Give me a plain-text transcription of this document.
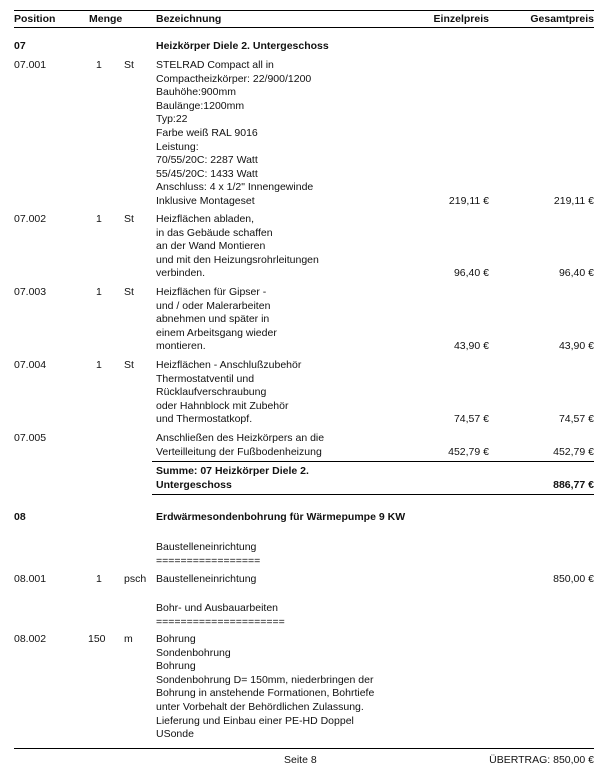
Position	Menge	Bezeichnung	Einzelpreis	Gesamtpreis
07	Heizkörper Diele 2. Untergeschoss
07.001	1 St STELRAD Compact all in
Compactheizkörper: 22/900/1200
Bauhöhe:900mm
Baulänge:1200mm
Typ:22
Farbe weiß RAL 9016
Leistung:
70/55/20C: 2287 Watt
55/45/20C: 1433 Watt
Anschluss: 4 x 1/2" Innengewinde
Inklusive Montageset	219,11 €	219,11 €
07.002	1 St Heizflächen abladen,
in das Gebäude schaffen
an der Wand Montieren
und mit den Heizungsrohrleitungen
verbinden.	96,40 €	96,40 €
07.003	1 St Heizflächen für Gipser -
und / oder Malerarbeiten
abnehmen und später in
einem Arbeitsgang wieder
montieren.	43,90 €	43,90 €
07.004	1 St Heizflächen - Anschlußzubehör
Thermostatventil und
Rücklaufverschraubung
oder Hahnblock mit Zubehör
und Thermostatkopf.	74,57 €	74,57 €
07.005	Anschließen des Heizkörpers an die
Verteilleitung der Fußbodenheizung	452,79 €	452,79 €
Summe: 07 Heizkörper Diele 2.
Untergeschoss	886,77 €
08	Erdwärmesondenbohrung für Wärmepumpe 9 KW
Baustelleneinrichtung
=================
08.001	1 psch Baustelleneinrichtung	850,00 €
Bohr- und Ausbauarbeiten
=====================
08.002	150 m Bohrung
Sondenbohrung
Bohrung
Sondenbohrung D= 150mm, niederbringen der
Bohrung in anstehende Formationen, Bohrtiefe
unter Vorbehalt der Behördlichen Zulassung.
Lieferung und Einbau einer PE-HD Doppel
USonde
Seite 8	ÜBERTRAG: 850,00 €
